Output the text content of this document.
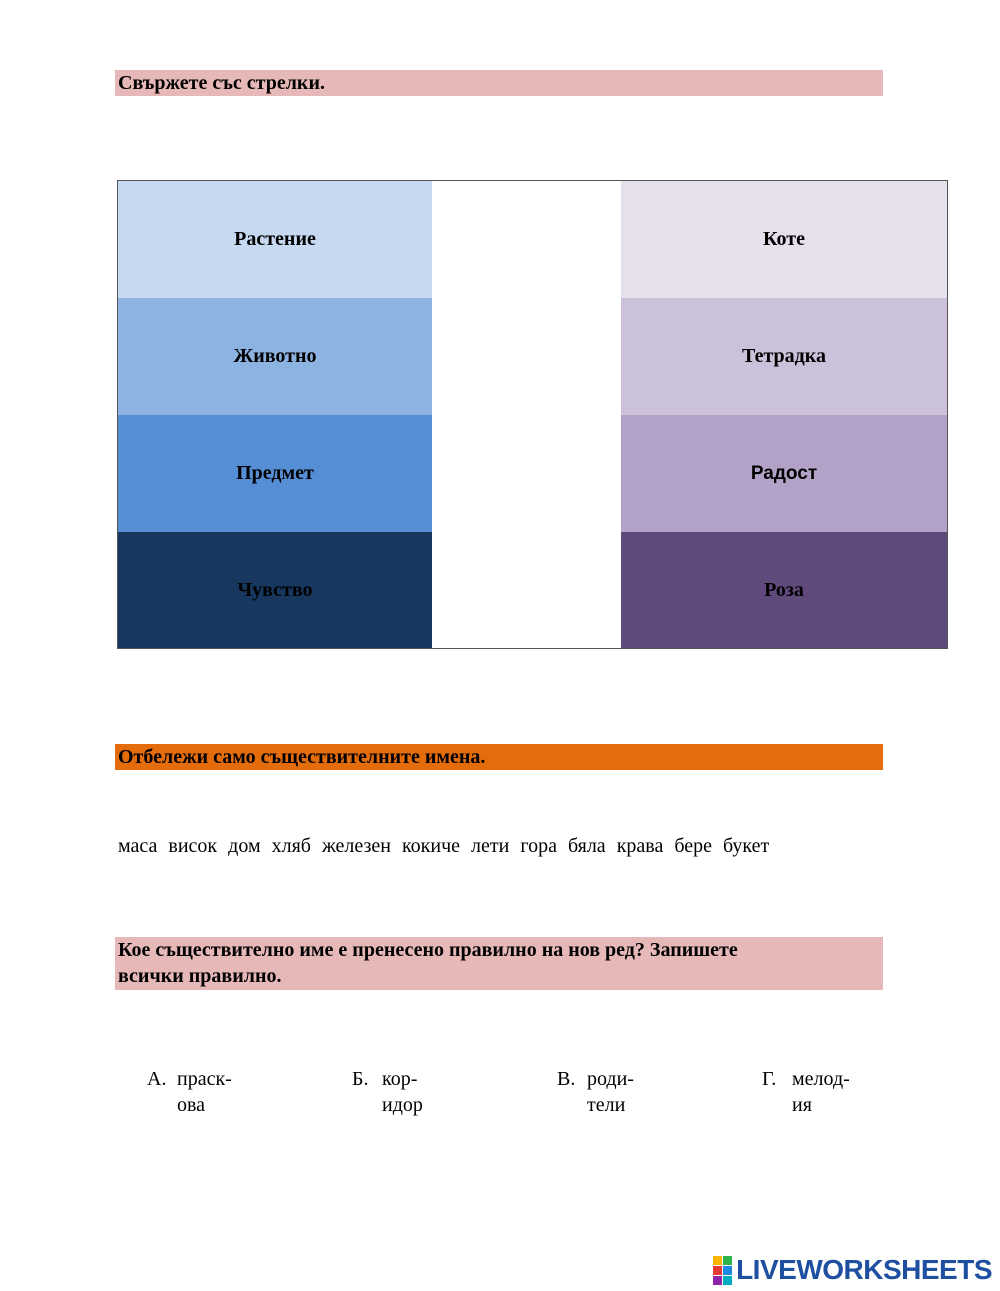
Свържете със стрелки.
Растение
Животно
Предмет
Чувство
Коте
Тетрадка
Радост
Роза
Отбележи само съществителните имена.
маса висок дом хляб железен кокиче лети гора бяла крава бере букет
Кое съществително име е пренесено правилно на нов ред? Запишете
всички правилно.
А. праск-
ова
Б. кор-
идор
В. роди-
тели
Г. мелод-
ия
LIVEWORKSHEETS
